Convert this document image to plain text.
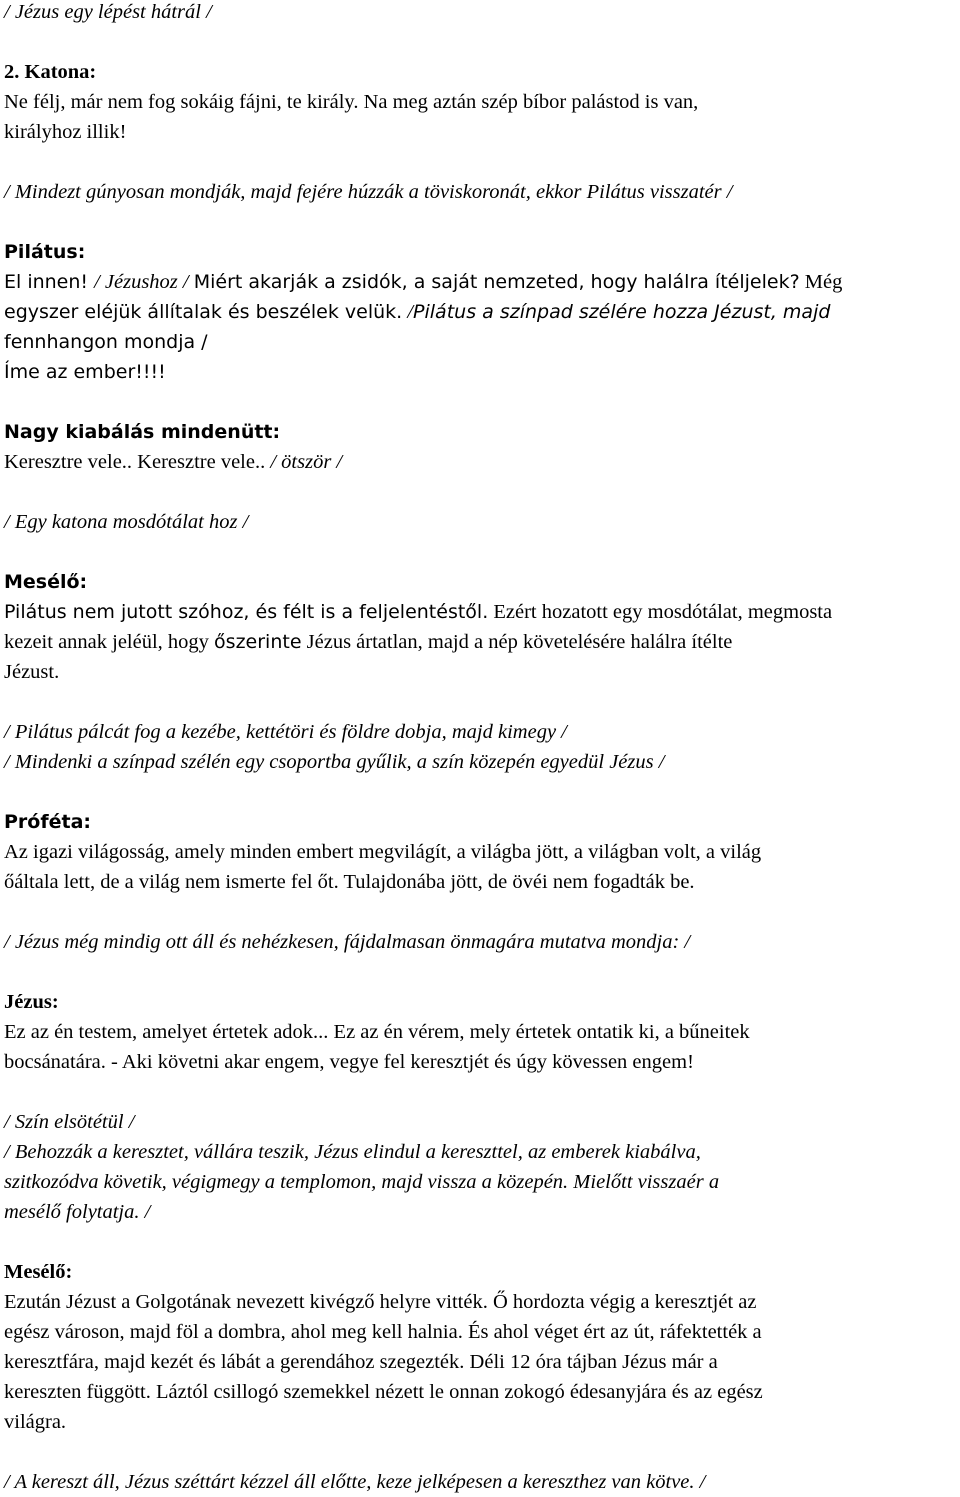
/ Jézus egy lépést hátrál /
2. Katona:
Ne félj, már nem fog sokáig fájni, te király. Na meg aztán szép bíbor palástod is van,
királyhoz illik!
/ Mindezt gúnyosan mondják, majd fejére húzzák a töviskoronát, ekkor Pilátus visszatér /
Pilátus:
El innen! / Jézushoz / Miért akarják a zsidók, a saját nemzeted, hogy halálra ítéljelek? Még
egyszer eléjük állítalak és beszélek velük. /Pilátus a színpad szélére hozza Jézust, majd
fennhangon mondja /
Íme az ember!!!!
Nagy kiabálás mindenütt:
Keresztre vele.. Keresztre vele.. / ötször /
/ Egy katona mosdótálat hoz /
Mesélő:
Pilátus nem jutott szóhoz, és félt is a feljelentéstől. Ezért hozatott egy mosdótálat, megmosta
kezeit annak jeléül, hogy őszerinte Jézus ártatlan, majd a nép követelésére halálra ítélte
Jézust.
/ Pilátus pálcát fog a kezébe, kettétöri és földre dobja, majd kimegy /
/ Mindenki a színpad szélén egy csoportba gyűlik, a szín közepén egyedül Jézus /
Próféta:
Az igazi világosság, amely minden embert megvilágít, a világba jött, a világban volt, a világ
őáltala lett, de a világ nem ismerte fel őt. Tulajdonába jött, de övéi nem fogadták be.
/ Jézus még mindig ott áll és nehézkesen, fájdalmasan önmagára mutatva mondja: /
Jézus:
Ez az én testem, amelyet értetek adok... Ez az én vérem, mely értetek ontatik ki, a bűneitek
bocsánatára. - Aki követni akar engem, vegye fel keresztjét és úgy kövessen engem!
/ Szín elsötétül /
/ Behozzák a keresztet, vállára teszik, Jézus elindul a kereszttel, az emberek kiabálva,
szitkozódva követik, végigmegy a templomon, majd vissza a közepén. Mielőtt visszaér a
mesélő folytatja. /
Mesélő:
Ezután Jézust a Golgotának nevezett kivégző helyre vitték. Ő hordozta végig a keresztjét az
egész városon, majd föl a dombra, ahol meg kell halnia. És ahol véget ért az út, ráfektették a
keresztfára, majd kezét és lábát a gerendához szegezték. Déli 12 óra tájban Jézus már a
kereszten függött. Láztól csillogó szemekkel nézett le onnan zokogó édesanyjára és az egész
világra.
/ A kereszt áll, Jézus széttárt kézzel áll előtte, keze jelképesen a kereszthez van kötve. /
